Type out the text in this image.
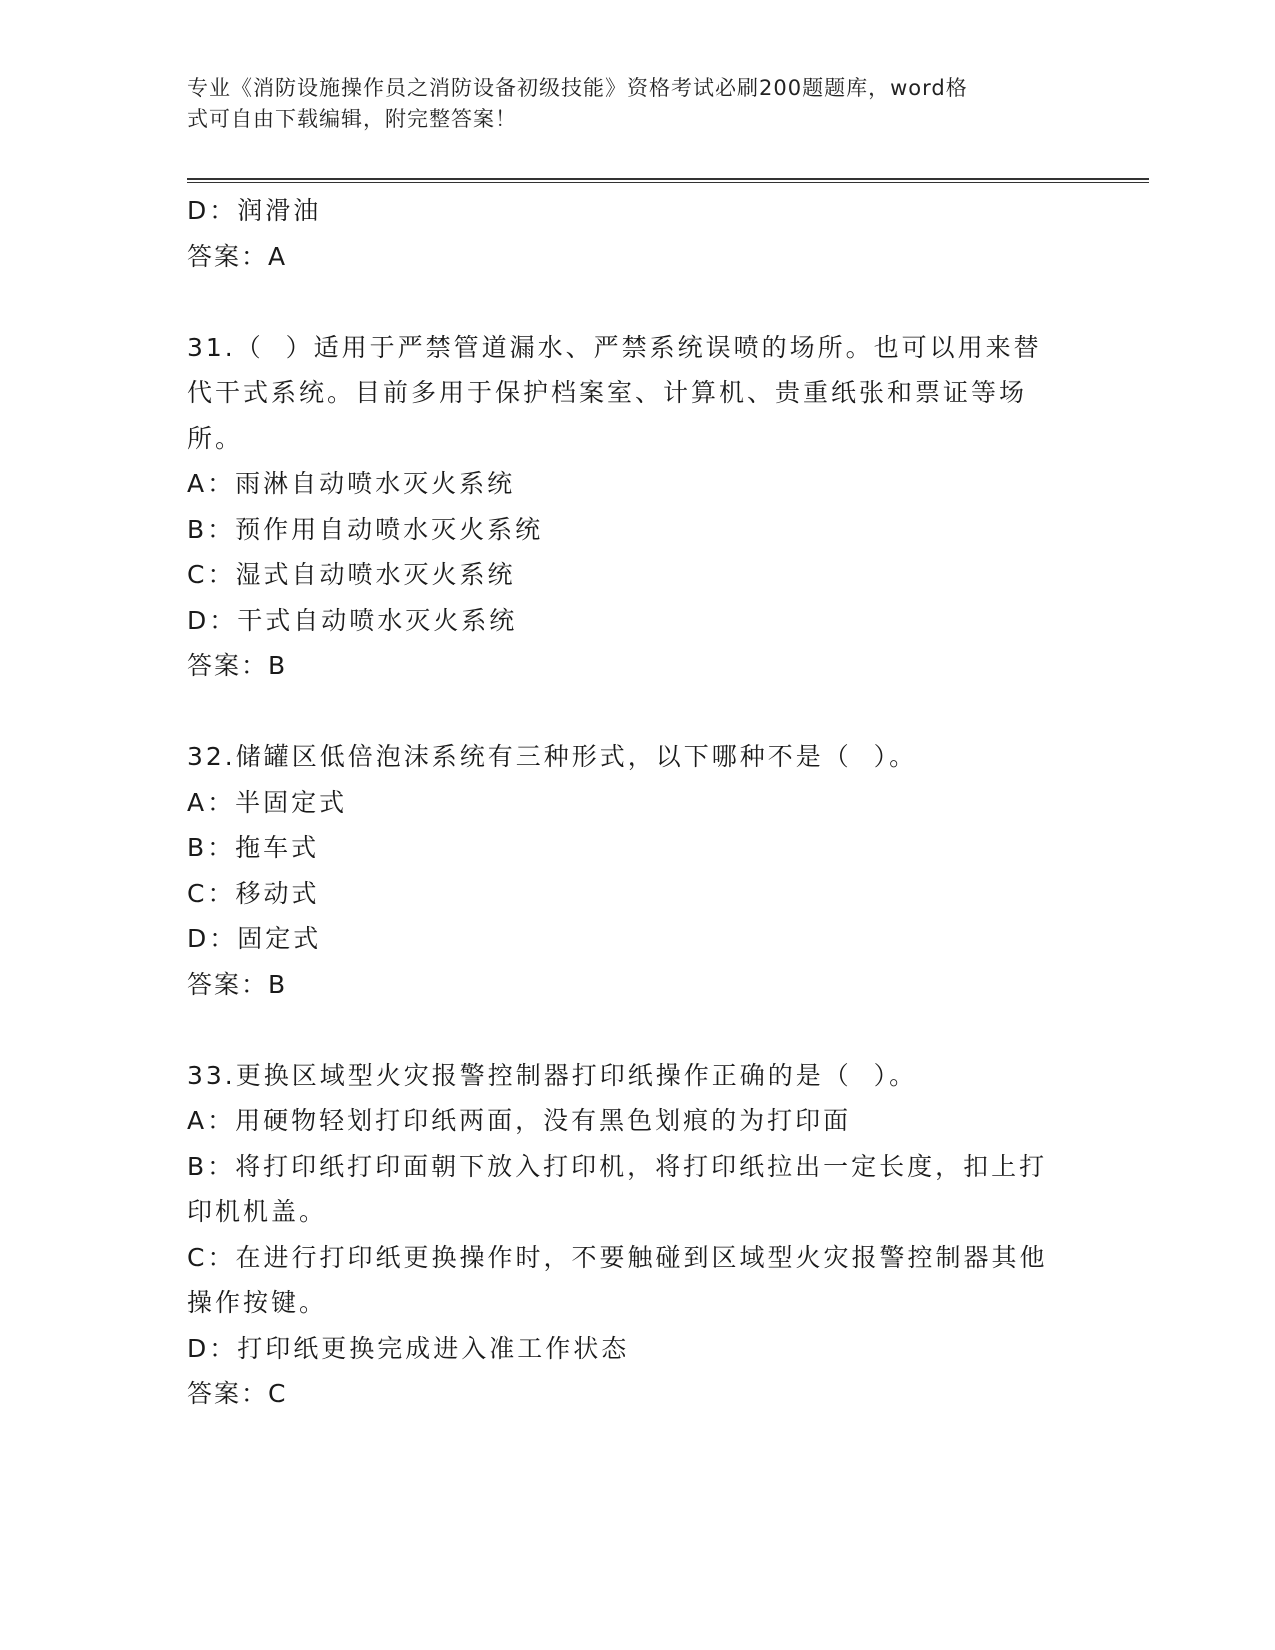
专业《消防设施操作员之消防设备初级技能》资格考试必刷200题题库，word格
式可自由下载编辑，附完整答案！
D：润滑油
答案：A
31.（  ）适用于严禁管道漏水、严禁系统误喷的场所。也可以用来替
代干式系统。目前多用于保护档案室、计算机、贵重纸张和票证等场
所。
A：雨淋自动喷水灭火系统
B：预作用自动喷水灭火系统
C：湿式自动喷水灭火系统
D：干式自动喷水灭火系统
答案：B
32.储罐区低倍泡沫系统有三种形式，以下哪种不是（  ）。
A：半固定式
B：拖车式
C：移动式
D：固定式
答案：B
33.更换区域型火灾报警控制器打印纸操作正确的是（  ）。
A：用硬物轻划打印纸两面，没有黑色划痕的为打印面
B：将打印纸打印面朝下放入打印机，将打印纸拉出一定长度，扣上打
印机机盖。
C：在进行打印纸更换操作时，不要触碰到区域型火灾报警控制器其他
操作按键。
D：打印纸更换完成进入准工作状态
答案：C
